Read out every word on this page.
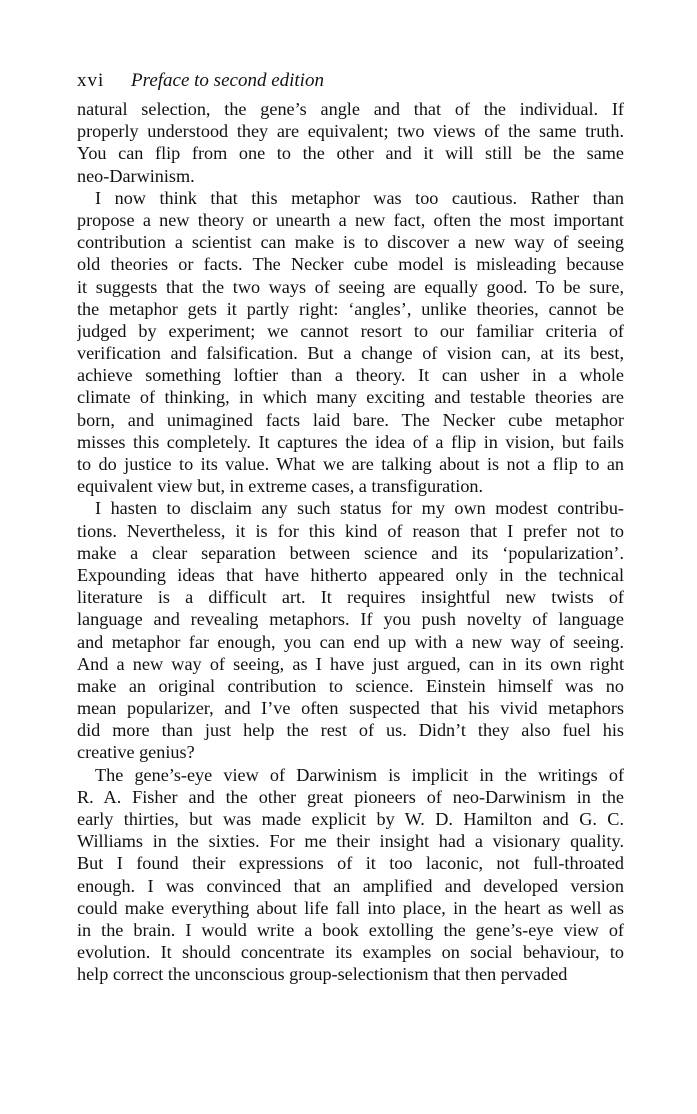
xvi Preface to second edition
natural selection, the gene’s angle and that of the individual. If
properly understood they are equivalent; two views of the same truth.
You can flip from one to the other and it will still be the same
neo-Darwinism.
I now think that this metaphor was too cautious. Rather than
propose a new theory or unearth a new fact, often the most important
contribution a scientist can make is to discover a new way of seeing
old theories or facts. The Necker cube model is misleading because
it suggests that the two ways of seeing are equally good. To be sure,
the metaphor gets it partly right: ‘angles’, unlike theories, cannot be
judged by experiment; we cannot resort to our familiar criteria of
verification and falsification. But a change of vision can, at its best,
achieve something loftier than a theory. It can usher in a whole
climate of thinking, in which many exciting and testable theories are
born, and unimagined facts laid bare. The Necker cube metaphor
misses this completely. It captures the idea of a flip in vision, but fails
to do justice to its value. What we are talking about is not a flip to an
equivalent view but, in extreme cases, a transfiguration.
I hasten to disclaim any such status for my own modest contribu-
tions. Nevertheless, it is for this kind of reason that I prefer not to
make a clear separation between science and its ‘popularization’.
Expounding ideas that have hitherto appeared only in the technical
literature is a difficult art. It requires insightful new twists of
language and revealing metaphors. If you push novelty of language
and metaphor far enough, you can end up with a new way of seeing.
And a new way of seeing, as I have just argued, can in its own right
make an original contribution to science. Einstein himself was no
mean popularizer, and I’ve often suspected that his vivid metaphors
did more than just help the rest of us. Didn’t they also fuel his
creative genius?
The gene’s-eye view of Darwinism is implicit in the writings of
R. A. Fisher and the other great pioneers of neo-Darwinism in the
early thirties, but was made explicit by W. D. Hamilton and G. C.
Williams in the sixties. For me their insight had a visionary quality.
But I found their expressions of it too laconic, not full-throated
enough. I was convinced that an amplified and developed version
could make everything about life fall into place, in the heart as well as
in the brain. I would write a book extolling the gene’s-eye view of
evolution. It should concentrate its examples on social behaviour, to
help correct the unconscious group-selectionism that then pervaded
